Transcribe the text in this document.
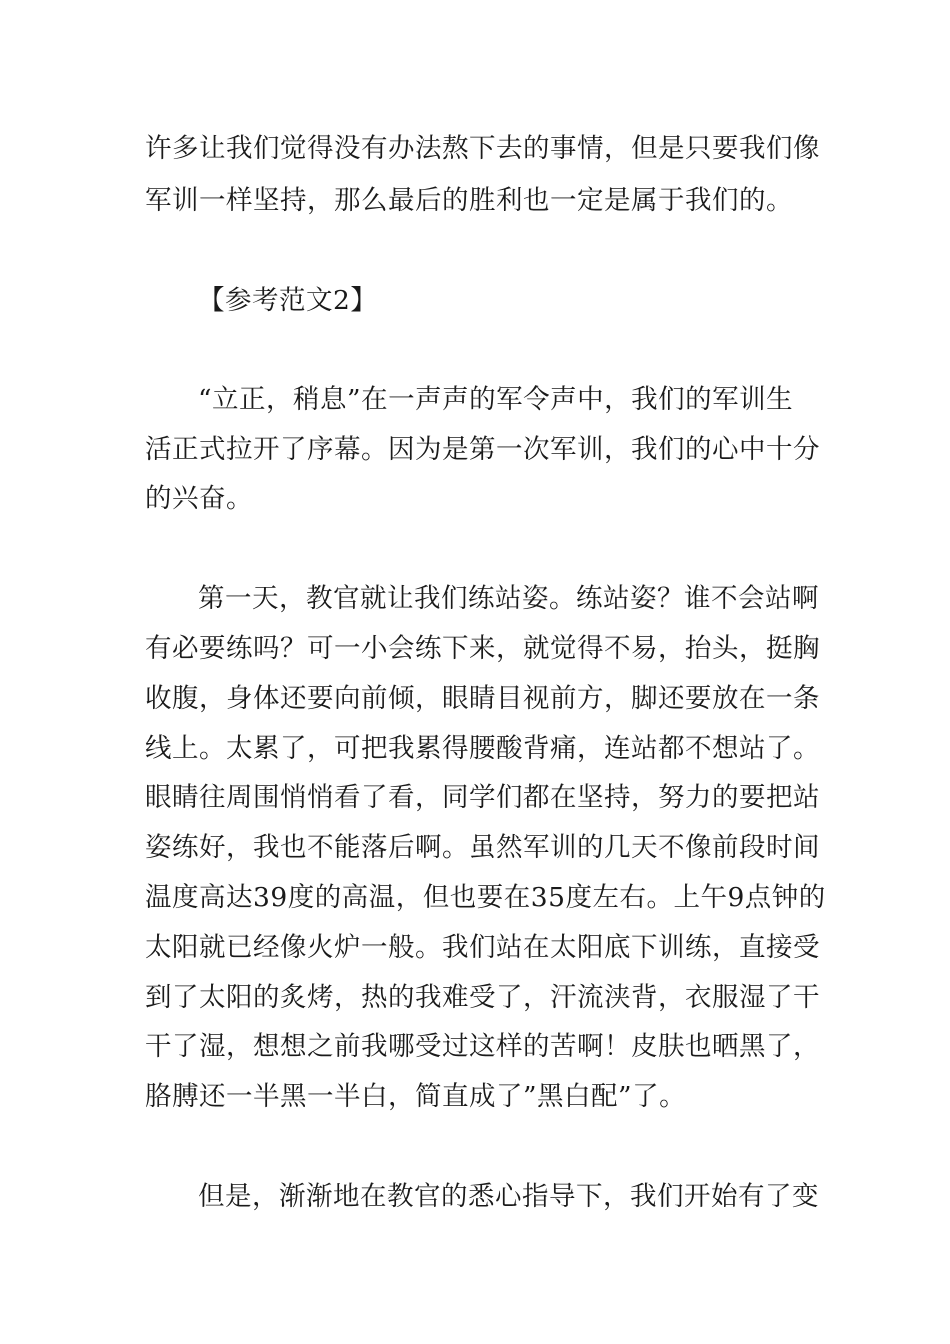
许多让我们觉得没有办法熬下去的事情，但是只要我们像
军训一样坚持，那么最后的胜利也一定是属于我们的。
【参考范文2】
“立正，稍息”在一声声的军令声中，我们的军训生
活正式拉开了序幕。因为是第一次军训，我们的心中十分
的兴奋。
第一天，教官就让我们练站姿。练站姿？谁不会站啊
有必要练吗？可一小会练下来，就觉得不易，抬头，挺胸
收腹，身体还要向前倾，眼睛目视前方，脚还要放在一条
线上。太累了，可把我累得腰酸背痛，连站都不想站了。
眼睛往周围悄悄看了看，同学们都在坚持，努力的要把站
姿练好，我也不能落后啊。虽然军训的几天不像前段时间
温度高达39度的高温，但也要在35度左右。上午9点钟的
太阳就已经像火炉一般。我们站在太阳底下训练，直接受
到了太阳的炙烤，热的我难受了，汗流浃背，衣服湿了干
干了湿，想想之前我哪受过这样的苦啊！皮肤也晒黑了，
胳膊还一半黑一半白，简直成了”黑白配”了。
但是，渐渐地在教官的悉心指导下，我们开始有了变
